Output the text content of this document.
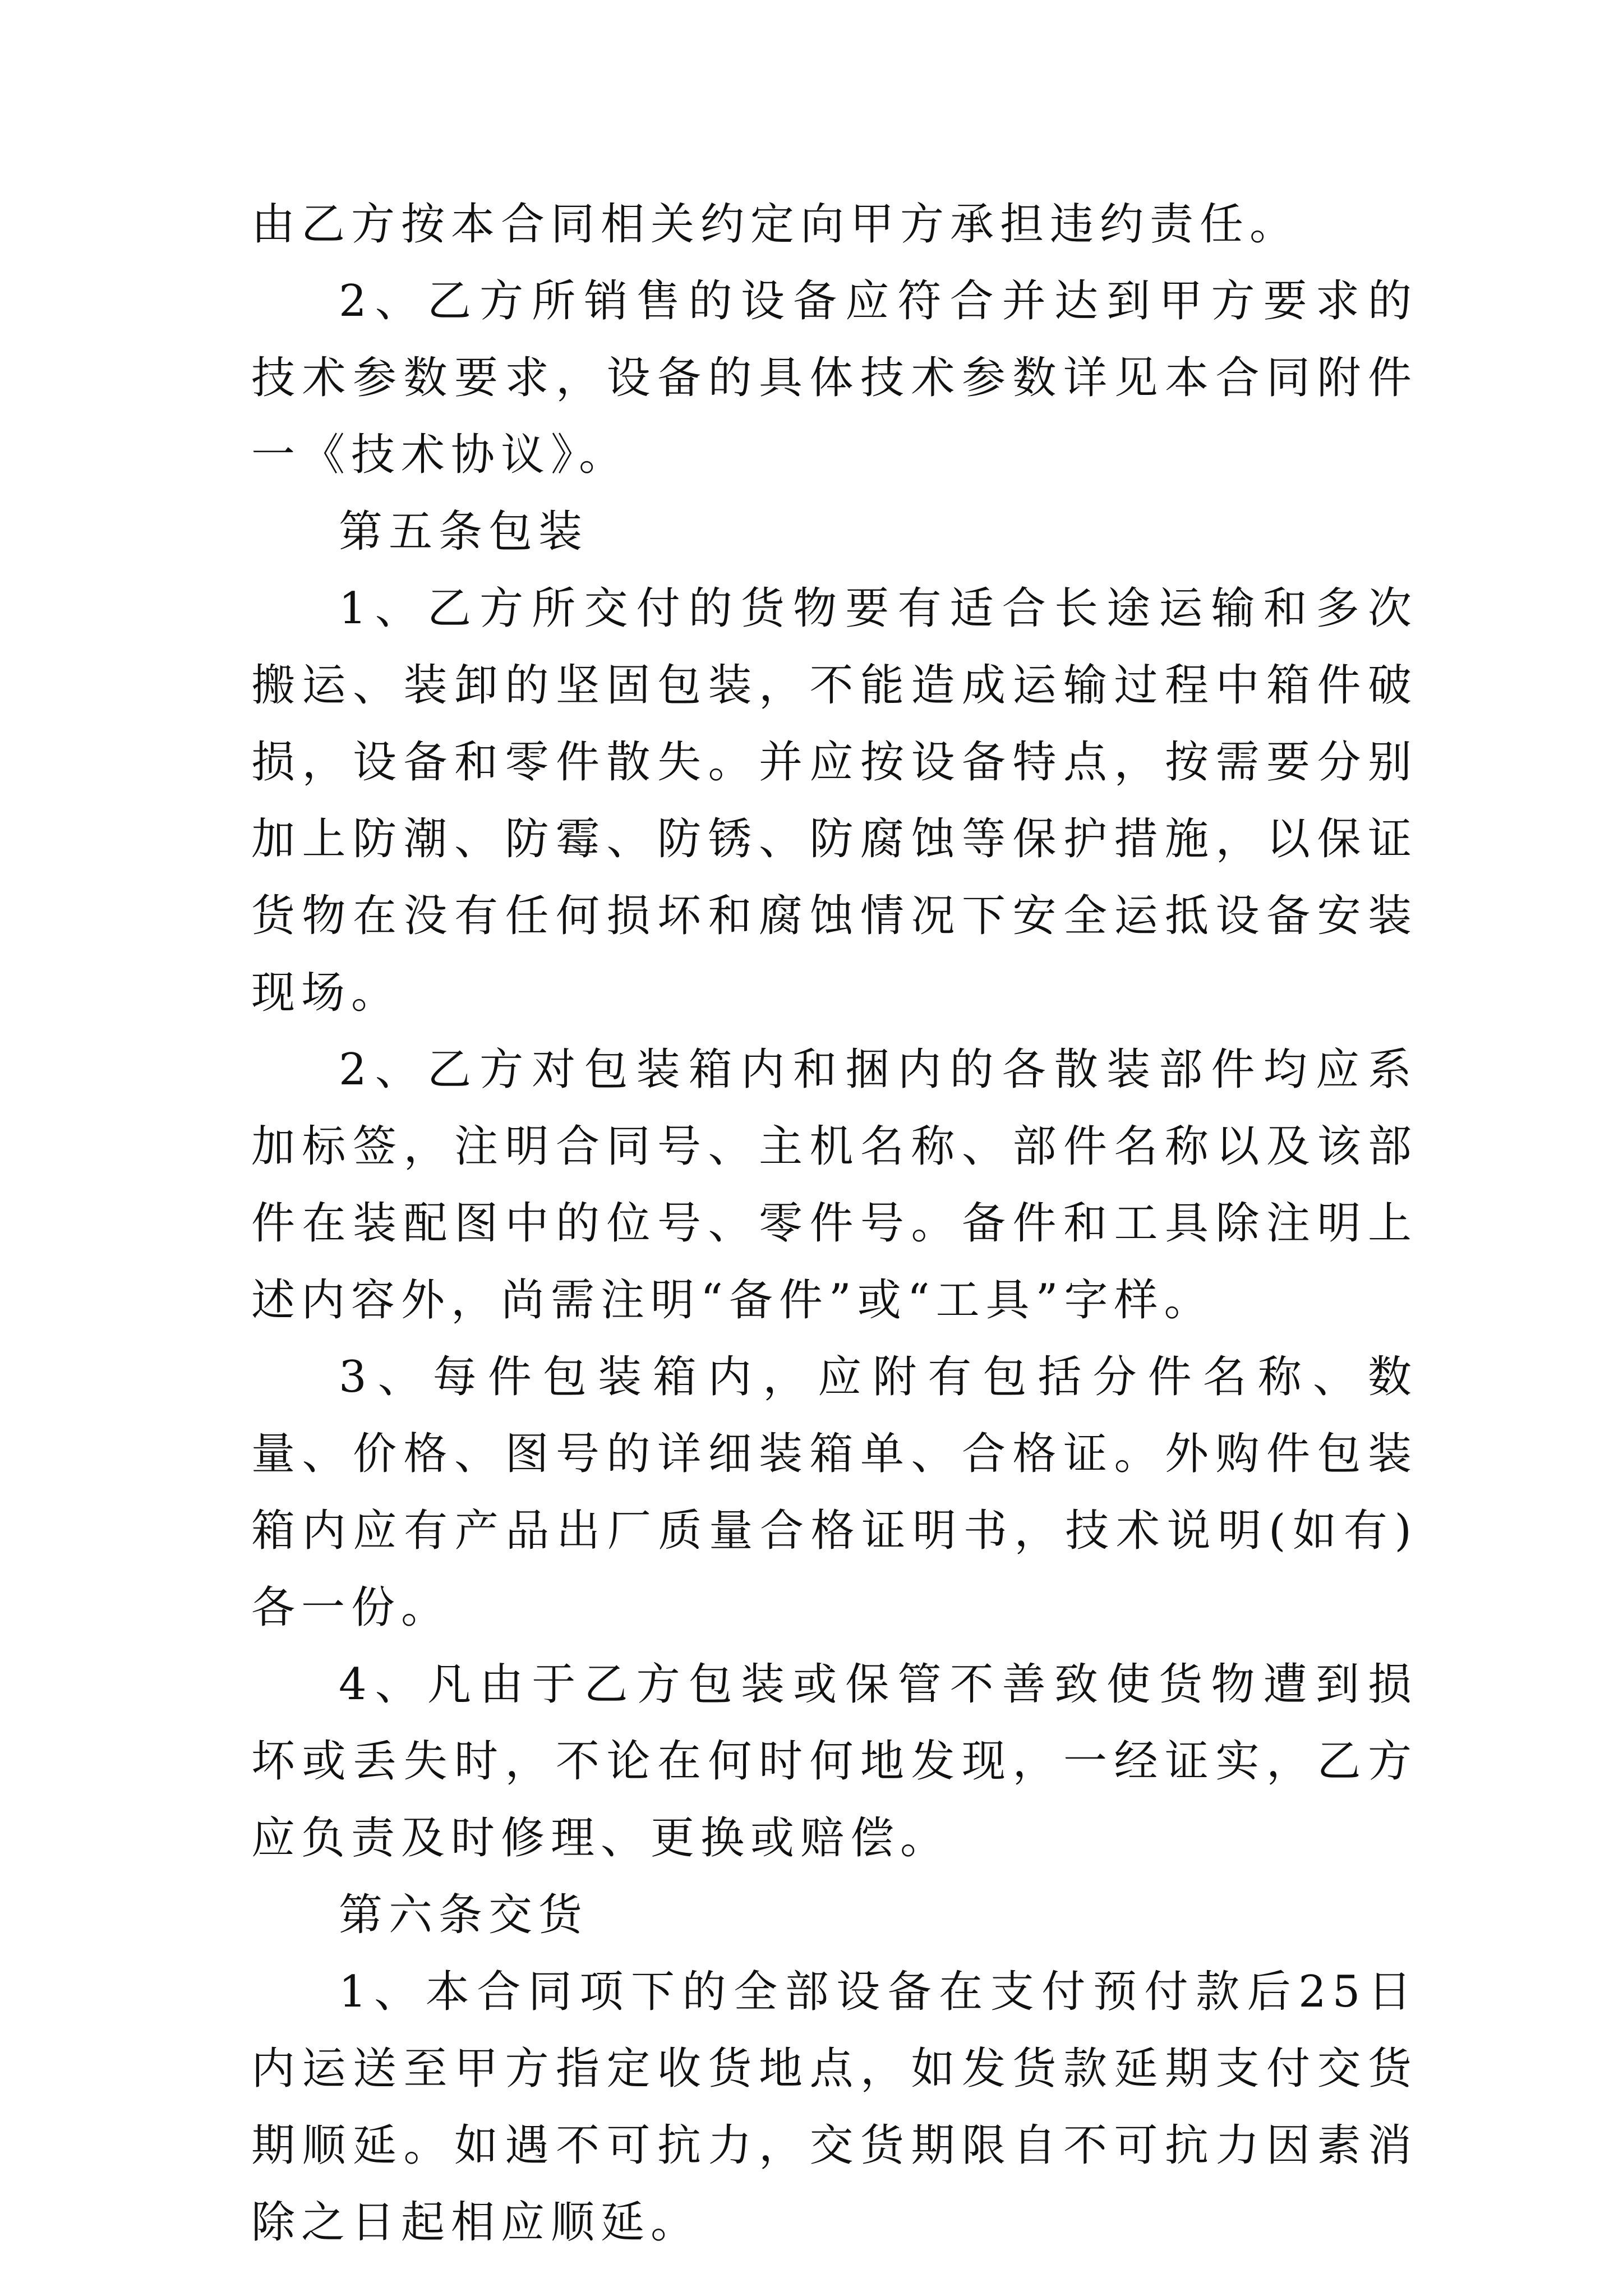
由乙方按本合同相关约定向甲方承担违约责任。

2、乙方所销售的设备应符合并达到甲方要求的技术参数要求，设备的具体技术参数详见本合同附件一《技术协议》。

第五条包装

1、乙方所交付的货物要有适合长途运输和多次搬运、装卸的坚固包装，不能造成运输过程中箱件破损，设备和零件散失。并应按设备特点，按需要分别加上防潮、防霉、防锈、防腐蚀等保护措施，以保证货物在没有任何损坏和腐蚀情况下安全运抵设备安装现场。

2、乙方对包装箱内和捆内的各散装部件均应系加标签，注明合同号、主机名称、部件名称以及该部件在装配图中的位号、零件号。备件和工具除注明上述内容外，尚需注明“备件”或“工具”字样。

3、每件包装箱内，应附有包括分件名称、数量、价格、图号的详细装箱单、合格证。外购件包装箱内应有产品出厂质量合格证明书，技术说明(如有)各一份。

4、凡由于乙方包装或保管不善致使货物遭到损坏或丢失时，不论在何时何地发现，一经证实，乙方应负责及时修理、更换或赔偿。

第六条交货

1、本合同项下的全部设备在支付预付款后25日内运送至甲方指定收货地点，如发货款延期支付交货期顺延。如遇不可抗力，交货期限自不可抗力因素消除之日起相应顺延。
